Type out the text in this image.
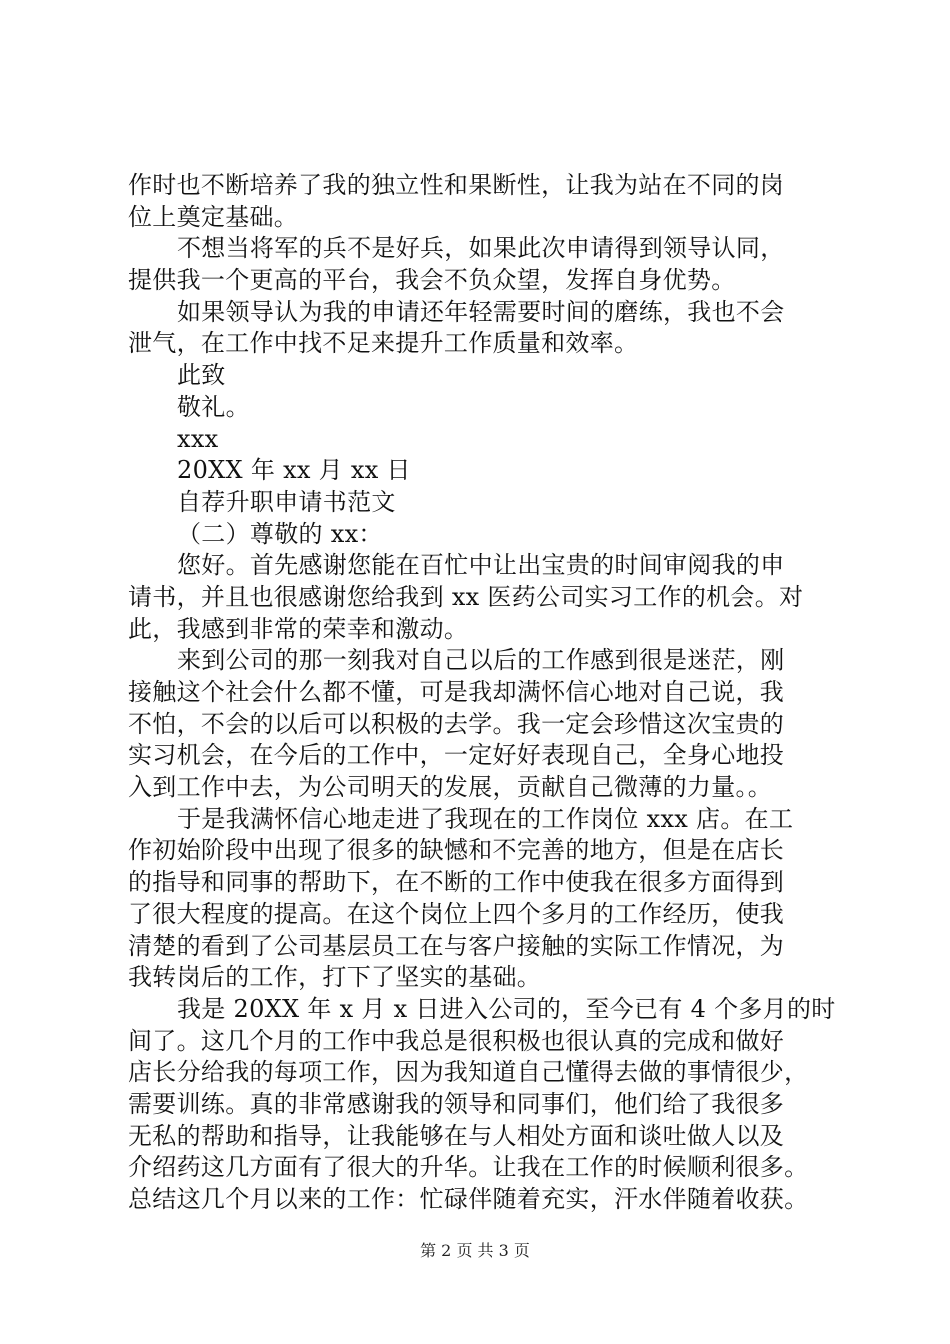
作时也不断培养了我的独立性和果断性，让我为站在不同的岗
位上奠定基础。
不想当将军的兵不是好兵，如果此次申请得到领导认同，
提供我一个更高的平台，我会不负众望，发挥自身优势。
如果领导认为我的申请还年轻需要时间的磨练，我也不会
泄气，在工作中找不足来提升工作质量和效率。
此致
敬礼。
xxx
20XX 年 xx 月 xx 日
自荐升职申请书范文
（二）尊敬的 xx：
您好。首先感谢您能在百忙中让出宝贵的时间审阅我的申
请书，并且也很感谢您给我到 xx 医药公司实习工作的机会。对
此，我感到非常的荣幸和激动。
来到公司的那一刻我对自己以后的工作感到很是迷茫，刚
接触这个社会什么都不懂，可是我却满怀信心地对自己说，我
不怕，不会的以后可以积极的去学。我一定会珍惜这次宝贵的
实习机会，在今后的工作中，一定好好表现自己，全身心地投
入到工作中去，为公司明天的发展，贡献自己微薄的力量。。
于是我满怀信心地走进了我现在的工作岗位 xxx 店。在工
作初始阶段中出现了很多的缺憾和不完善的地方，但是在店长
的指导和同事的帮助下，在不断的工作中使我在很多方面得到
了很大程度的提高。在这个岗位上四个多月的工作经历，使我
清楚的看到了公司基层员工在与客户接触的实际工作情况，为
我转岗后的工作，打下了坚实的基础。
我是 20XX 年 x 月 x 日进入公司的，至今已有 4 个多月的时
间了。这几个月的工作中我总是很积极也很认真的完成和做好
店长分给我的每项工作，因为我知道自己懂得去做的事情很少，
需要训练。真的非常感谢我的领导和同事们，他们给了我很多
无私的帮助和指导，让我能够在与人相处方面和谈吐做人以及
介绍药这几方面有了很大的升华。让我在工作的时候顺利很多。
总结这几个月以来的工作：忙碌伴随着充实，汗水伴随着收获。
第 2 页 共 3 页
